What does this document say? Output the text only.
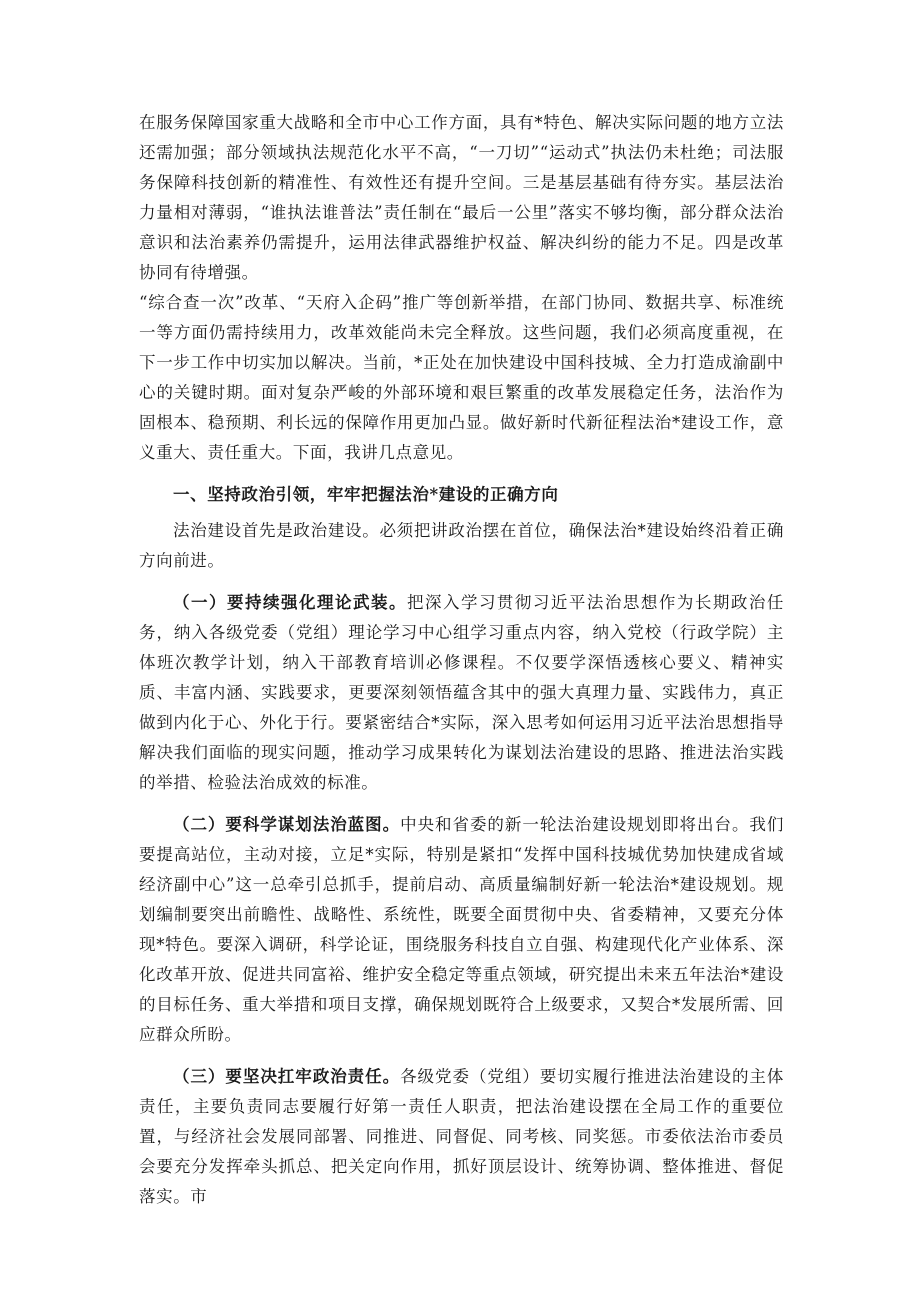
在服务保障国家重大战略和全市中心工作方面，具有*特色、解决实际问题的地方立法还需加强；部分领域执法规范化水平不高，“一刀切”“运动式”执法仍未杜绝；司法服务保障科技创新的精准性、有效性还有提升空间。三是基层基础有待夯实。基层法治力量相对薄弱，“谁执法谁普法”责任制在“最后一公里”落实不够均衡，部分群众法治意识和法治素养仍需提升，运用法律武器维护权益、解决纠纷的能力不足。四是改革协同有待增强。

“综合查一次”改革、“天府入企码”推广等创新举措，在部门协同、数据共享、标准统一等方面仍需持续用力，改革效能尚未完全释放。这些问题，我们必须高度重视，在下一步工作中切实加以解决。当前，*正处在加快建设中国科技城、全力打造成渝副中心的关键时期。面对复杂严峻的外部环境和艰巨繁重的改革发展稳定任务，法治作为固根本、稳预期、利长远的保障作用更加凸显。做好新时代新征程法治*建设工作，意义重大、责任重大。下面，我讲几点意见。

一、坚持政治引领，牢牢把握法治*建设的正确方向

法治建设首先是政治建设。必须把讲政治摆在首位，确保法治*建设始终沿着正确方向前进。

（一）要持续强化理论武装。把深入学习贯彻习近平法治思想作为长期政治任务，纳入各级党委（党组）理论学习中心组学习重点内容，纳入党校（行政学院）主体班次教学计划，纳入干部教育培训必修课程。不仅要学深悟透核心要义、精神实质、丰富内涵、实践要求，更要深刻领悟蕴含其中的强大真理力量、实践伟力，真正做到内化于心、外化于行。要紧密结合*实际，深入思考如何运用习近平法治思想指导解决我们面临的现实问题，推动学习成果转化为谋划法治建设的思路、推进法治实践的举措、检验法治成效的标准。

（二）要科学谋划法治蓝图。中央和省委的新一轮法治建设规划即将出台。我们要提高站位，主动对接，立足*实际，特别是紧扣“发挥中国科技城优势加快建成省域经济副中心”这一总牵引总抓手，提前启动、高质量编制好新一轮法治*建设规划。规划编制要突出前瞻性、战略性、系统性，既要全面贯彻中央、省委精神，又要充分体现*特色。要深入调研，科学论证，围绕服务科技自立自强、构建现代化产业体系、深化改革开放、促进共同富裕、维护安全稳定等重点领域，研究提出未来五年法治*建设的目标任务、重大举措和项目支撑，确保规划既符合上级要求，又契合*发展所需、回应群众所盼。

（三）要坚决扛牢政治责任。各级党委（党组）要切实履行推进法治建设的主体责任，主要负责同志要履行好第一责任人职责，把法治建设摆在全局工作的重要位置，与经济社会发展同部署、同推进、同督促、同考核、同奖惩。市委依法治市委员会要充分发挥牵头抓总、把关定向作用，抓好顶层设计、统筹协调、整体推进、督促落实。市
